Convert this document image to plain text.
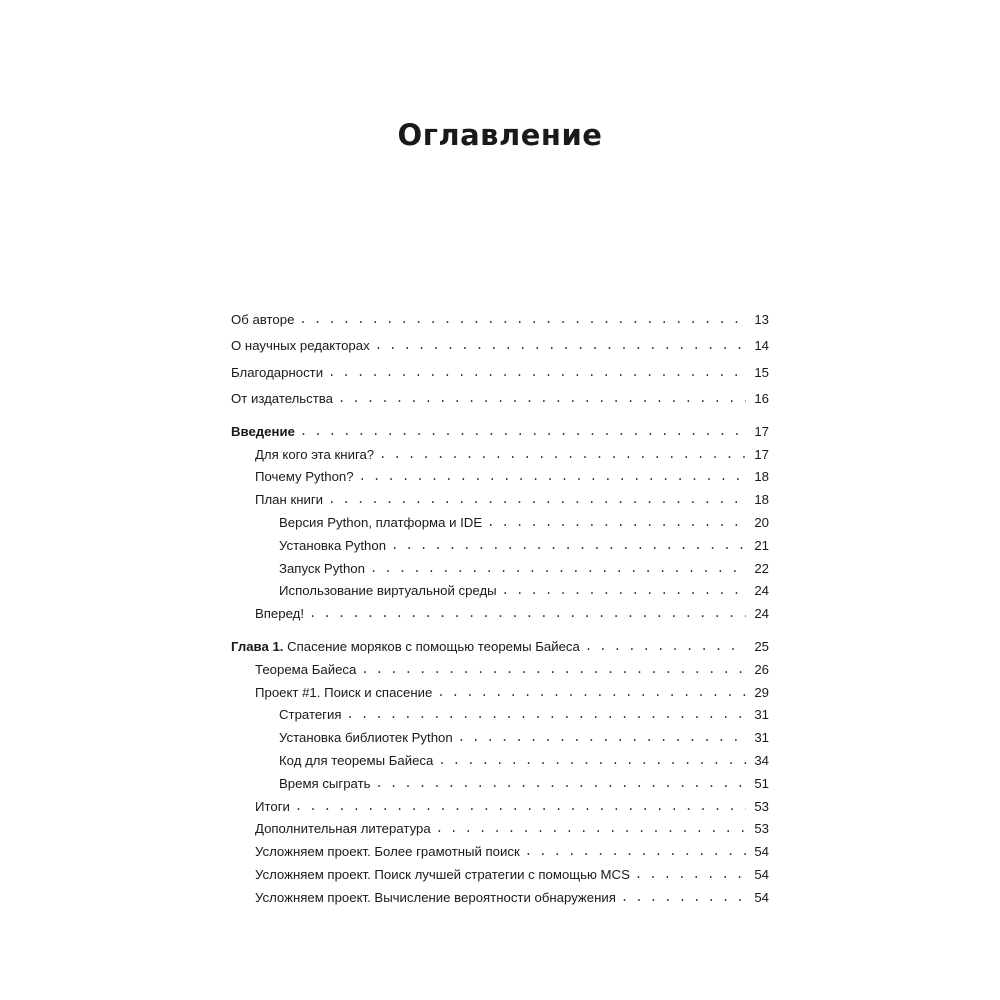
Оглавление
Об авторе . . .	13
О научных редакторах . . .	14
Благодарности . . .	15
От издательства . . .	16
Введение . . .	17
Для кого эта книга? . . .	17
Почему Python? . . .	18
План книги . . .	18
Версия Python, платформа и IDE . . .	20
Установка Python . . .	21
Запуск Python . . .	22
Использование виртуальной среды . . .	24
Вперед! . . .	24
Глава 1. Спасение моряков с помощью теоремы Байеса . . .	25
Теорема Байеса . . .	26
Проект #1. Поиск и спасение . . .	29
Стратегия . . .	31
Установка библиотек Python . . .	31
Код для теоремы Байеса . . .	34
Время сыграть . . .	51
Итоги . . .	53
Дополнительная литература . . .	53
Усложняем проект. Более грамотный поиск . . .	54
Усложняем проект. Поиск лучшей стратегии с помощью MCS . . .	54
Усложняем проект. Вычисление вероятности обнаружения . . .	54
